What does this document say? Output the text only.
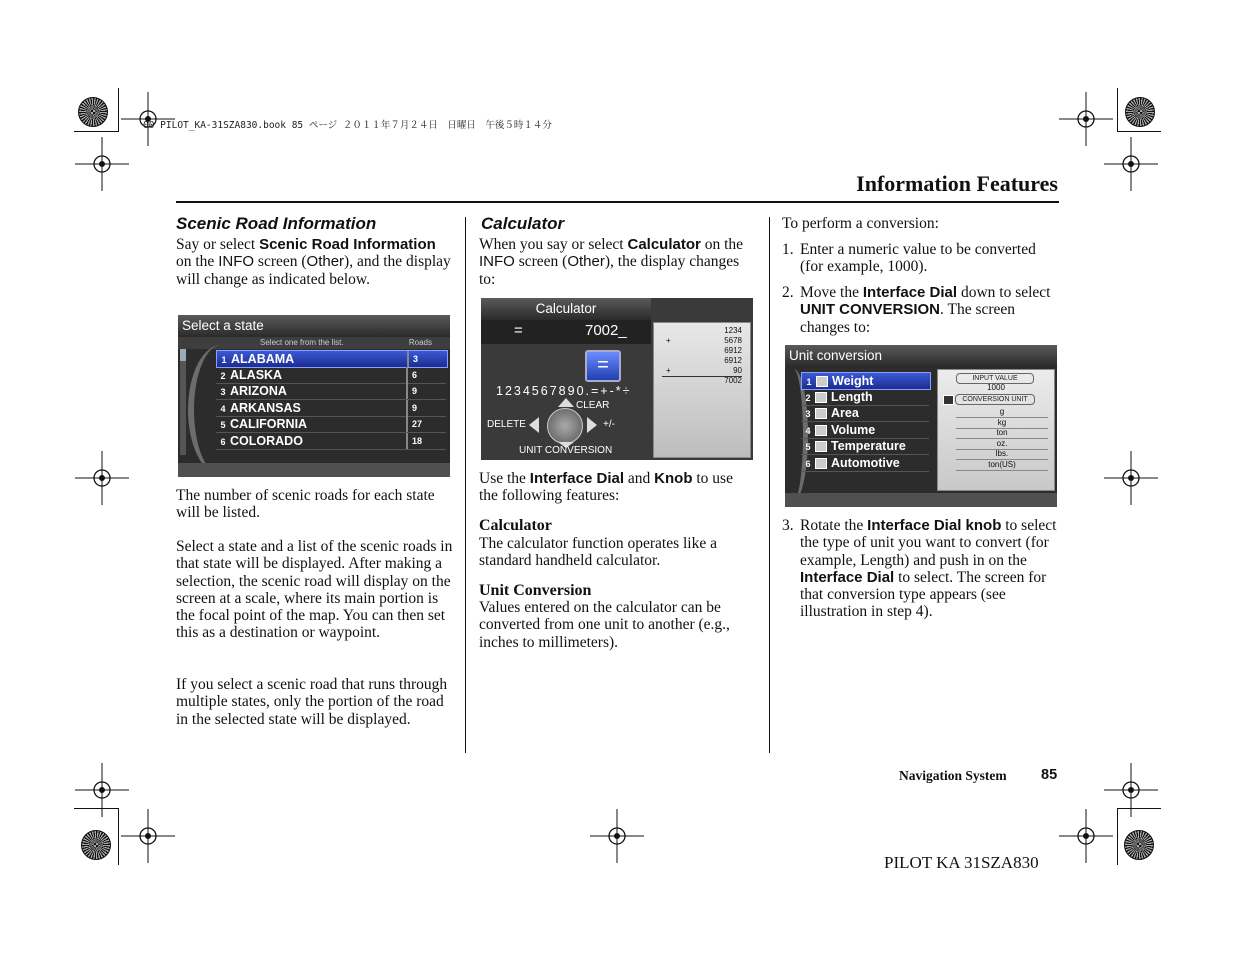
00 PILOT_KA-31SZA830.book 85 ページ ２０１１年７月２４日　日曜日　午後５時１４分
Information Features
Scenic Road Information
Say or select Scenic Road Information on the INFO screen (Other), and the display will change as indicated below.
Select a state
Select one from the list.	Roads
1 ALABAMA	3
2 ALASKA	6
3 ARIZONA	9
4 ARKANSAS	9
5 CALIFORNIA	27
6 COLORADO	18
The number of scenic roads for each state will be listed.
Select a state and a list of the scenic roads in that state will be displayed. After making a selection, the scenic road will display on the screen at a scale, where its main portion is the focal point of the map. You can then set this as a destination or waypoint.
If you select a scenic road that runs through multiple states, only the portion of the road in the selected state will be displayed.
Calculator
When you say or select Calculator on the INFO screen (Other), the display changes to:
Calculator
=	7002_
=
1234567890.=+-*÷
CLEAR
DELETE	+/-
UNIT CONVERSION
1234
+	5678
6912
6912
+	90
7002
Use the Interface Dial and Knob to use the following features:
Calculator
The calculator function operates like a standard handheld calculator.
Unit Conversion
Values entered on the calculator can be converted from one unit to another (e.g., inches to millimeters).
To perform a conversion:
1. Enter a numeric value to be converted (for example, 1000).
2. Move the Interface Dial down to select UNIT CONVERSION. The screen changes to:
Unit conversion
1 Weight
2 Length
3 Area
4 Volume
5 Temperature
6 Automotive
INPUT VALUE
1000
CONVERSION UNIT
g
kg
ton
oz.
lbs.
ton(US)
3. Rotate the Interface Dial knob to select the type of unit you want to convert (for example, Length) and push in on the Interface Dial to select. The screen for that conversion type appears (see illustration in step 4).
Navigation System 85
PILOT KA 31SZA830
